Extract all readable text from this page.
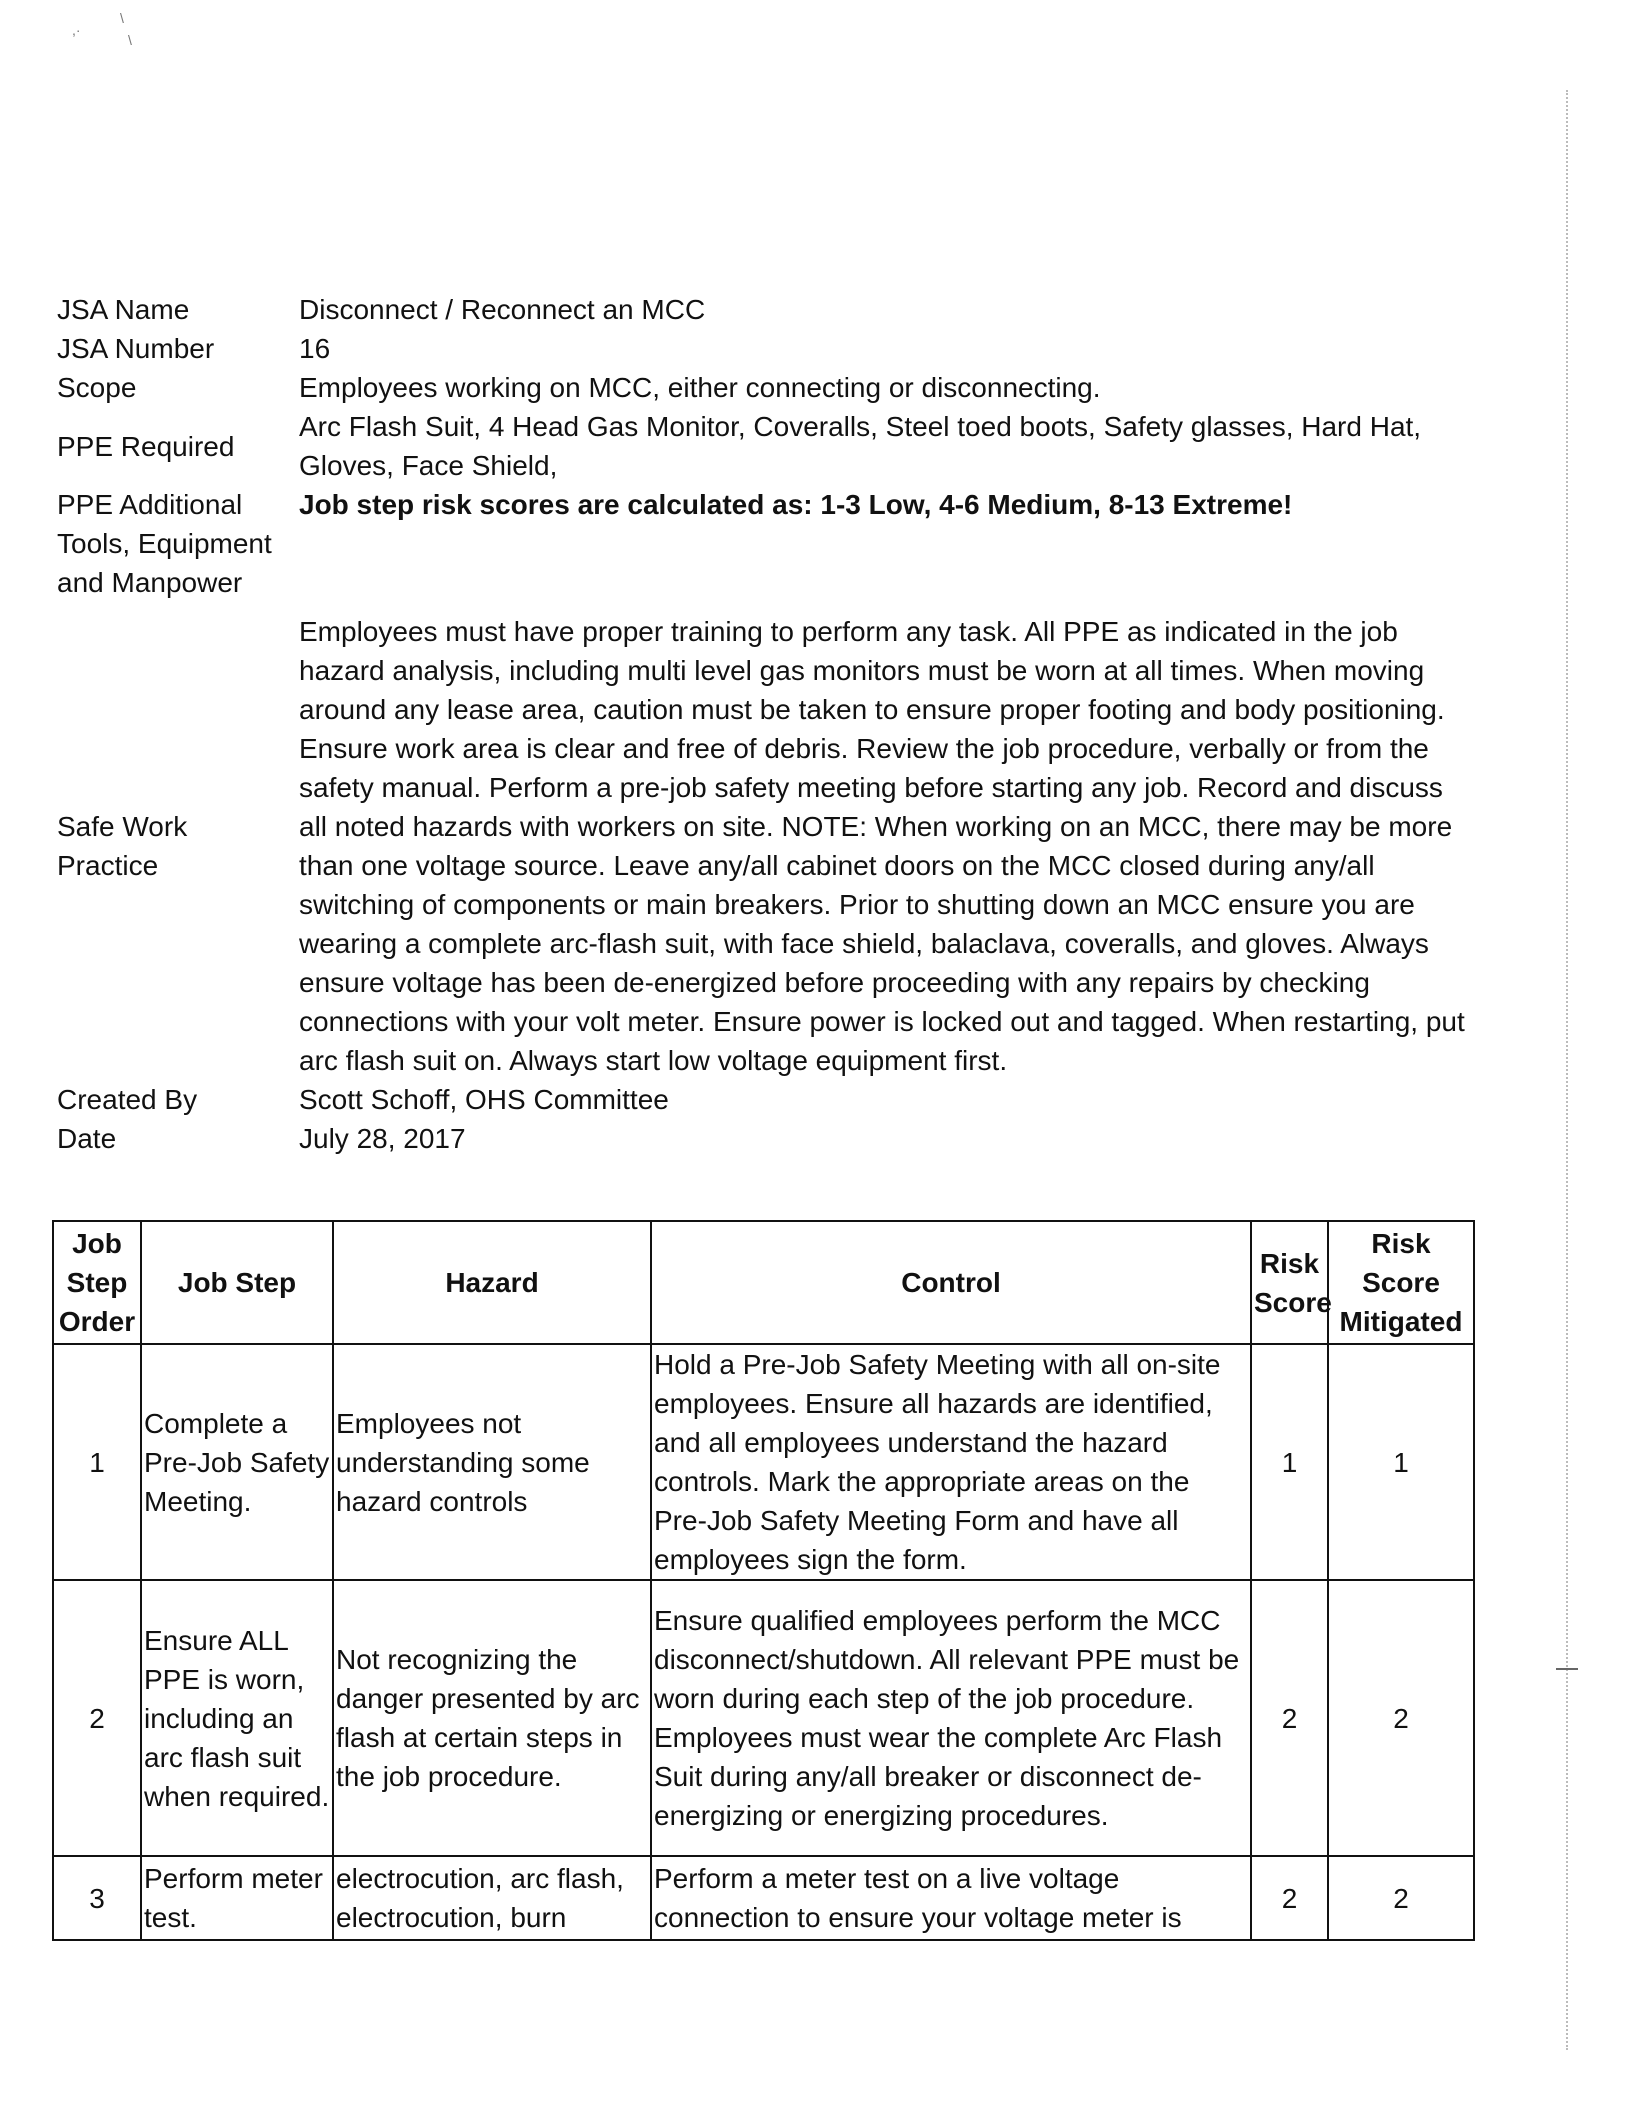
,·
\
\
JSA Name	Disconnect / Reconnect an MCC
JSA Number	16
Scope	Employees working on MCC, either connecting or disconnecting.
PPE Required
Arc Flash Suit, 4 Head Gas Monitor, Coveralls, Steel toed boots, Safety glasses, Hard Hat, Gloves, Face Shield,
PPE Additional	Job step risk scores are calculated as: 1-3 Low, 4-6 Medium, 8-13 Extreme!
Tools, Equipment and Manpower
Safe Work Practice
Employees must have proper training to perform any task. All PPE as indicated in the job hazard analysis, including multi level gas monitors must be worn at all times. When moving around any lease area, caution must be taken to ensure proper footing and body positioning. Ensure work area is clear and free of debris. Review the job procedure, verbally or from the safety manual. Perform a pre-job safety meeting before starting any job. Record and discuss all noted hazards with workers on site. NOTE: When working on an MCC, there may be more than one voltage source. Leave any/all cabinet doors on the MCC closed during any/all switching of components or main breakers. Prior to shutting down an MCC ensure you are wearing a complete arc-flash suit, with face shield, balaclava, coveralls, and gloves. Always ensure voltage has been de-energized before proceeding with any repairs by checking connections with your volt meter. Ensure power is locked out and tagged. When restarting, put arc flash suit on. Always start low voltage equipment first.
Created By	Scott Schoff, OHS Committee
Date	July 28, 2017
Job Step Order	Job Step	Hazard	Control	Risk Score	Risk Score Mitigated
1	Complete a Pre-Job Safety Meeting.	Employees not understanding some hazard controls	Hold a Pre-Job Safety Meeting with all on-site employees. Ensure all hazards are identified, and all employees understand the hazard controls. Mark the appropriate areas on the Pre-Job Safety Meeting Form and have all employees sign the form.	1	1
2	Ensure ALL PPE is worn, including an arc flash suit when required.	Not recognizing the danger presented by arc flash at certain steps in the job procedure.	Ensure qualified employees perform the MCC disconnect/shutdown. All relevant PPE must be worn during each step of the job procedure. Employees must wear the complete Arc Flash Suit during any/all breaker or disconnect de-energizing or energizing procedures.	2	2
3	Perform meter test.	electrocution, arc flash, electrocution, burn	Perform a meter test on a live voltage connection to ensure your voltage meter is	2	2
